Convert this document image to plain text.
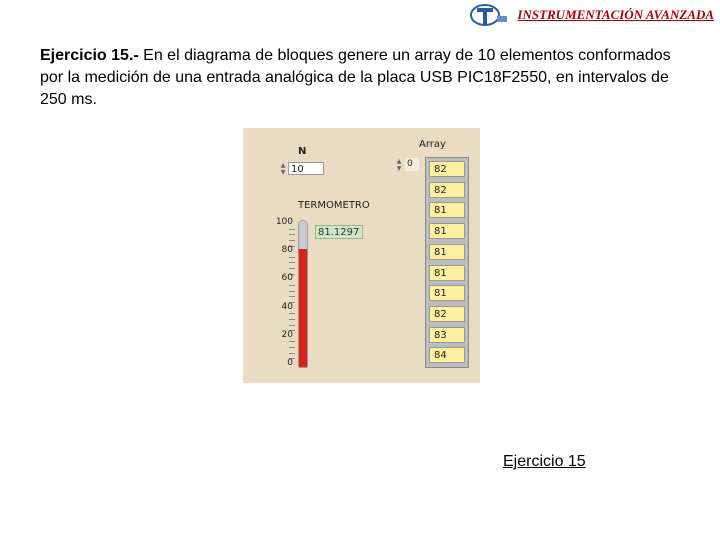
INSTRUMENTACIÓN AVANZADA
Ejercicio 15.- En el diagrama de bloques genere un array de 10 elementos conformados por la medición de una entrada analógica de la placa USB PIC18F2550, en intervalos de 250 ms.
N
▲
▼ 10
Array
▲
▼ 0	82
82
81
81
81
81
81
82
83
84
TERMOMETRO
100
80
60
40
20
0
81.1297
Ejercicio 15
